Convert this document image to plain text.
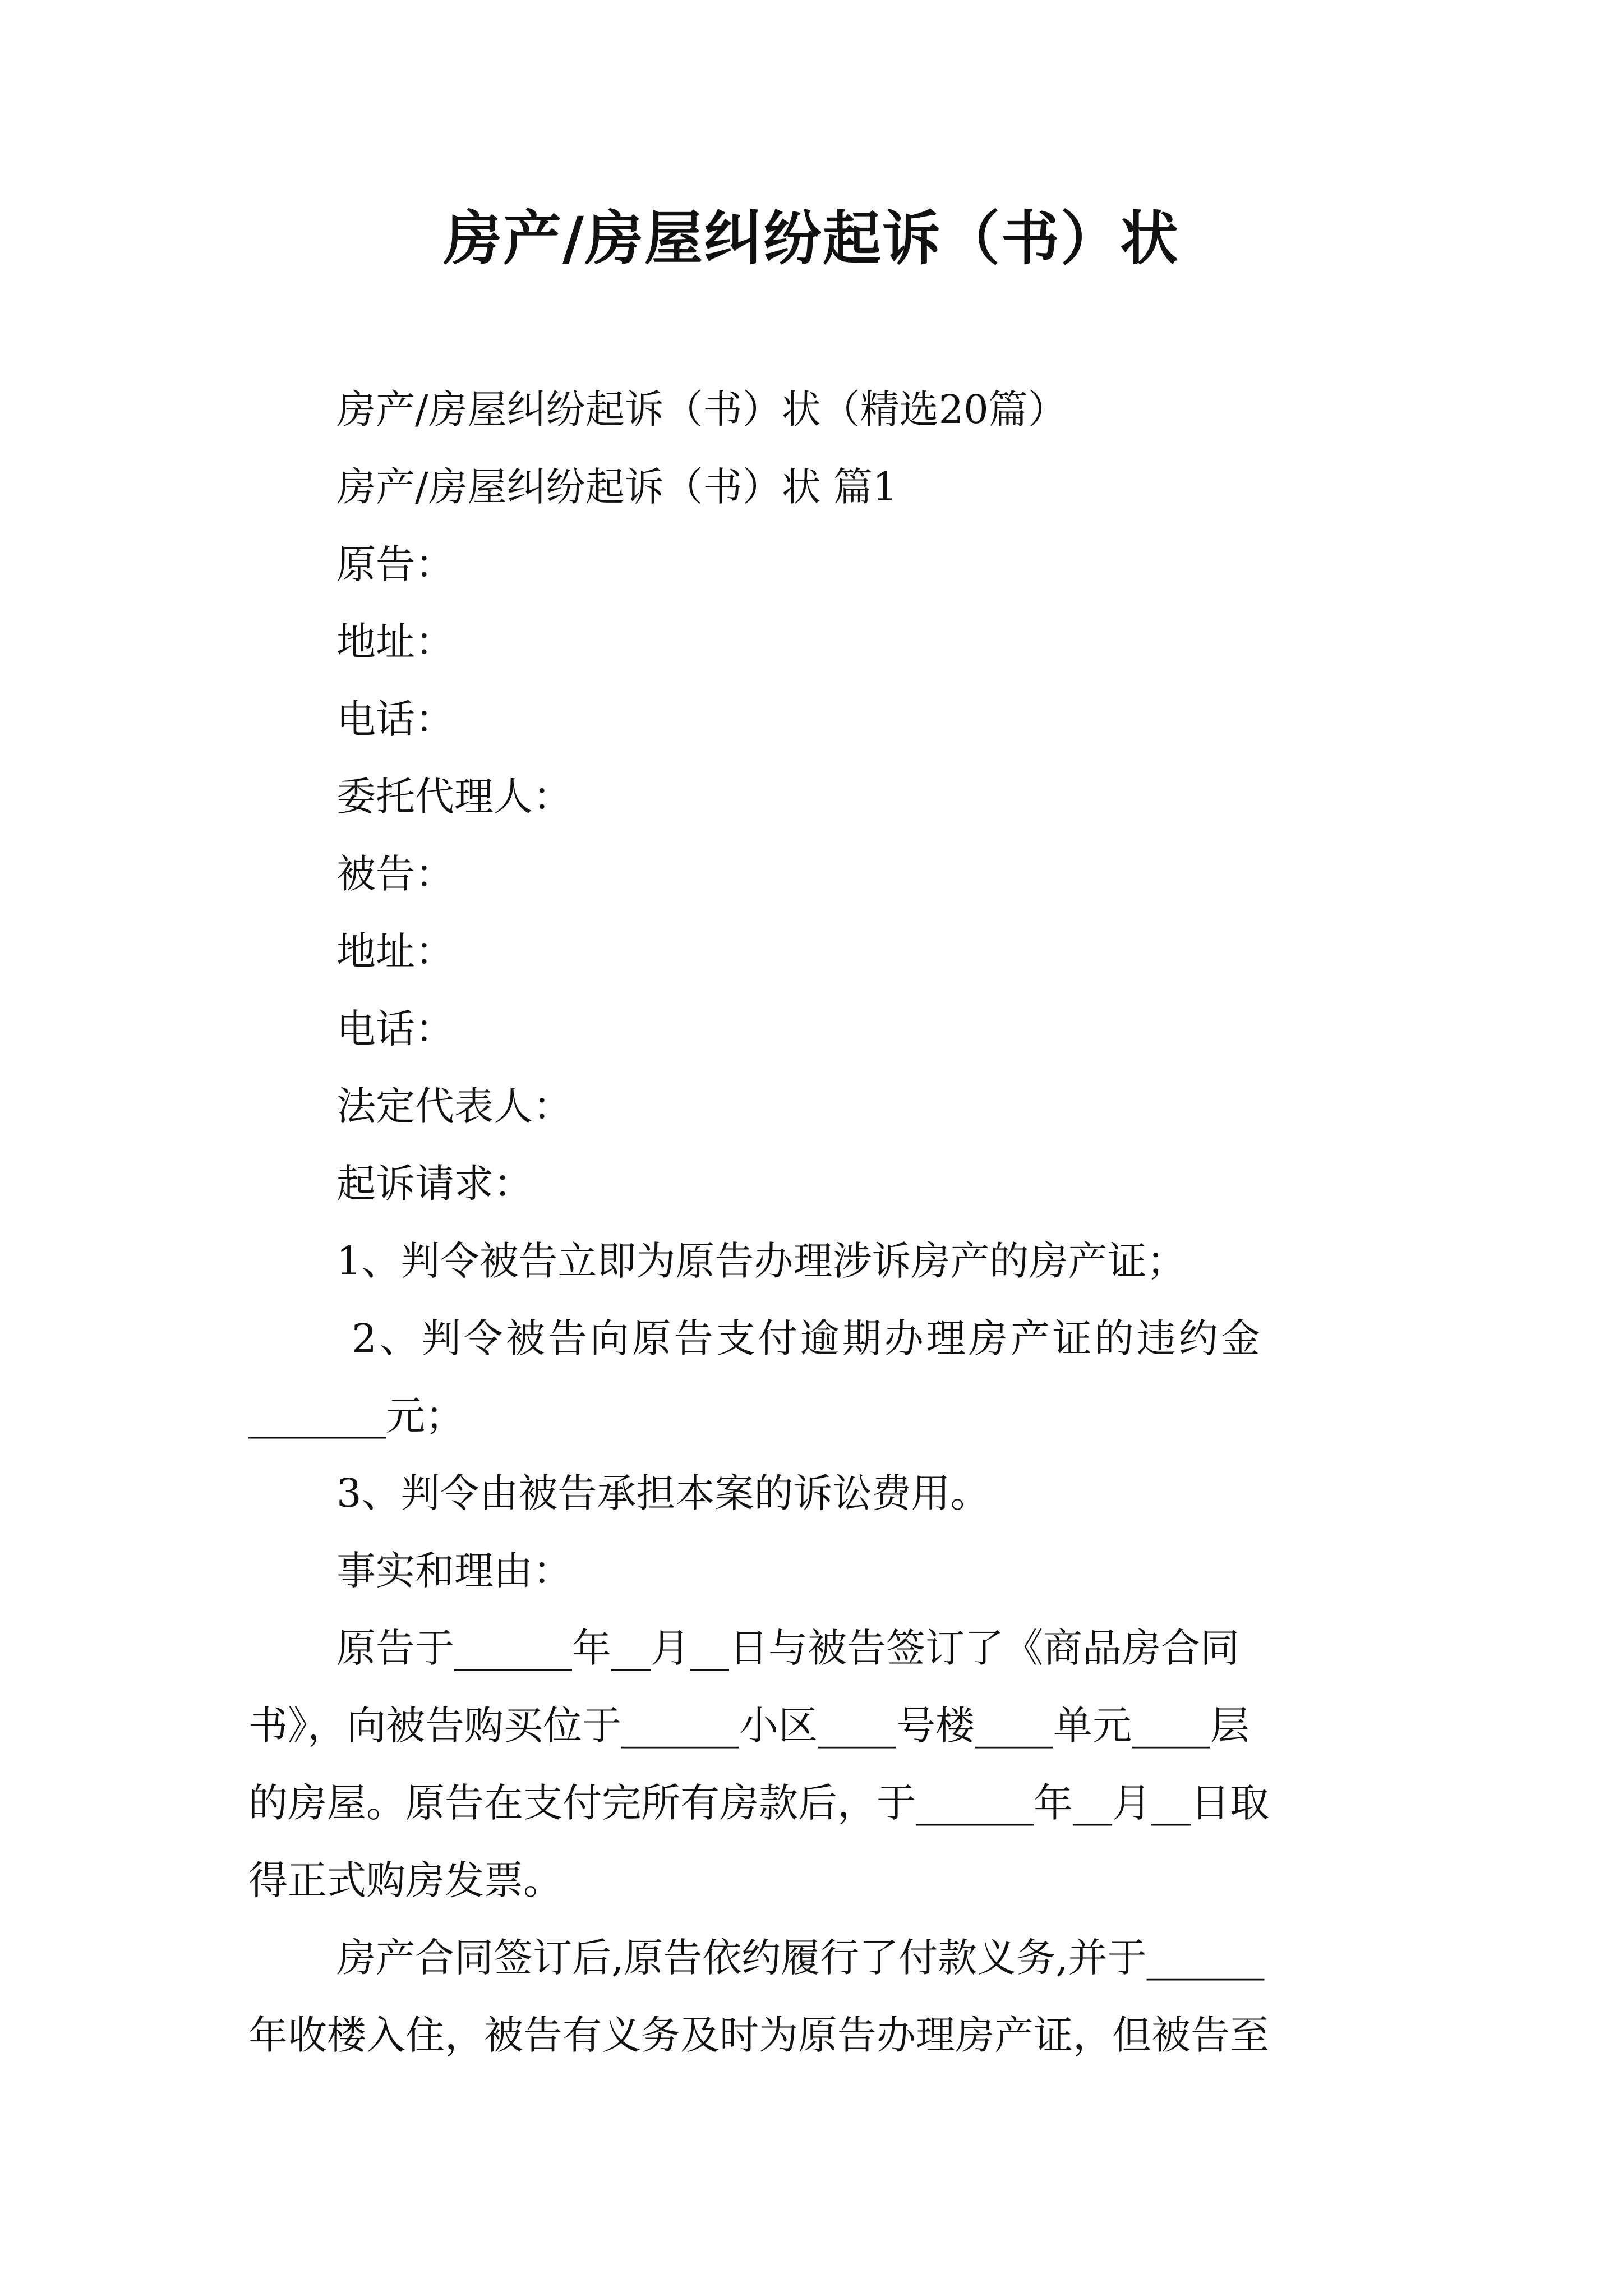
房产/房屋纠纷起诉（书）状

房产/房屋纠纷起诉（书）状（精选20篇）

房产/房屋纠纷起诉（书）状 篇1

原告：

地址：

电话：

委托代理人：

被告：

地址：

电话：

法定代表人：

起诉请求：

1、判令被告立即为原告办理涉诉房产的房产证；

2、判令被告向原告支付逾期办理房产证的违约金

_______元；

3、判令由被告承担本案的诉讼费用。

事实和理由：

原告于______年__月__日与被告签订了《商品房合同

书》，向被告购买位于______小区____号楼____单元____层

的房屋。原告在支付完所有房款后，于______年__月__日取

得正式购房发票。

房产合同签订后,原告依约履行了付款义务,并于______

年收楼入住，被告有义务及时为原告办理房产证，但被告至
